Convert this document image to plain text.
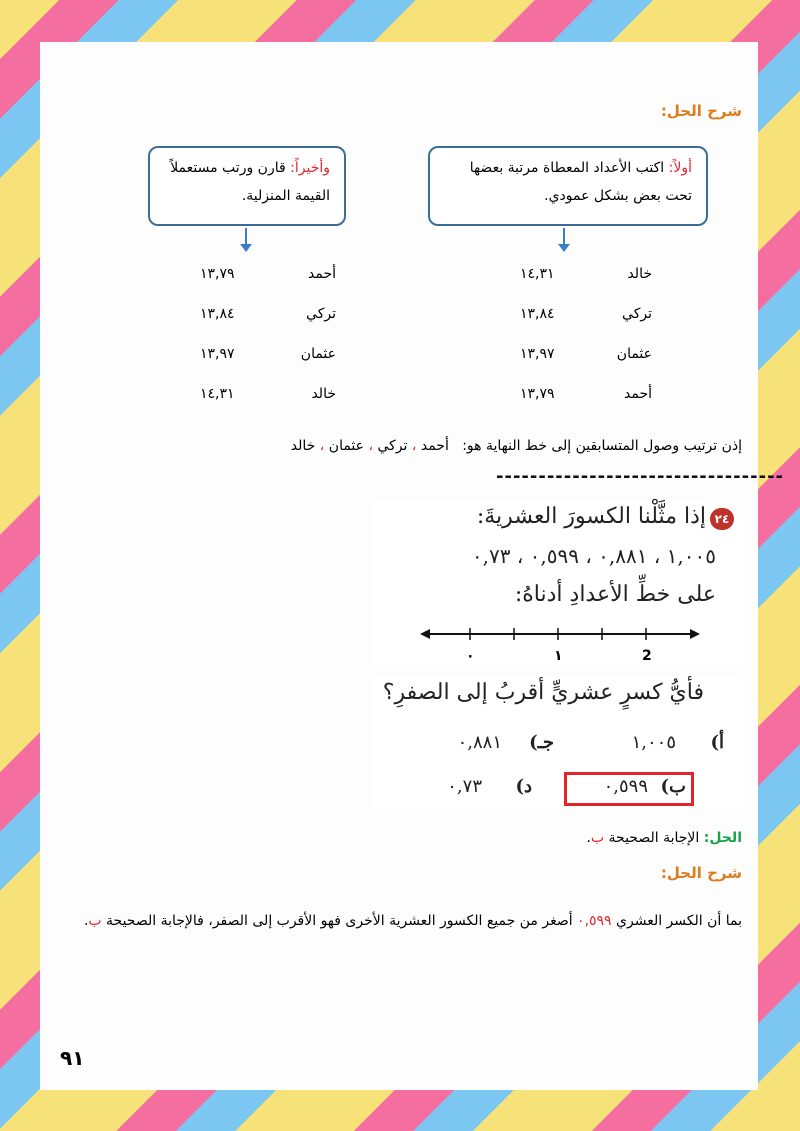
شرح الحل:
أولاً: اكتب الأعداد المعطاة مرتبة بعضها تحت بعض بشكل عمودي.
وأخيراً: قارن ورتب مستعملاً القيمة المنزلية.
خالد
١٤,٣١
تركي
١٣,٨٤
عثمان
١٣,٩٧
أحمد
١٣,٧٩
أحمد
١٣,٧٩
تركي
١٣,٨٤
عثمان
١٣,٩٧
خالد
١٤,٣١
إذن ترتيب وصول المتسابقين إلى خط النهاية هو:   أحمد ، تركي ، عثمان ، خالد
----------------------------------
٢٤
إذا مثَّلْنا الكسورَ العشريةَ:
١,٠٠٥ ، ٠,٨٨١ ، ٠,٥٩٩ ، ٠,٧٣
على خطِّ الأعدادِ أدناهُ:
٠	١	2
فأيُّ كسرٍ عشريٍّ أقربُ إلى الصفرِ؟
أ)
١,٠٠٥
جـ)
٠,٨٨١
ب)
٠,٥٩٩
د)
٠,٧٣
الحل: الإجابة الصحيحة ب.
شرح الحل:
بما أن الكسر العشري ٠,٥٩٩ أصغر من جميع الكسور العشرية الأخرى فهو الأقرب إلى الصفر، فالإجابة الصحيحة ب.
٩١
